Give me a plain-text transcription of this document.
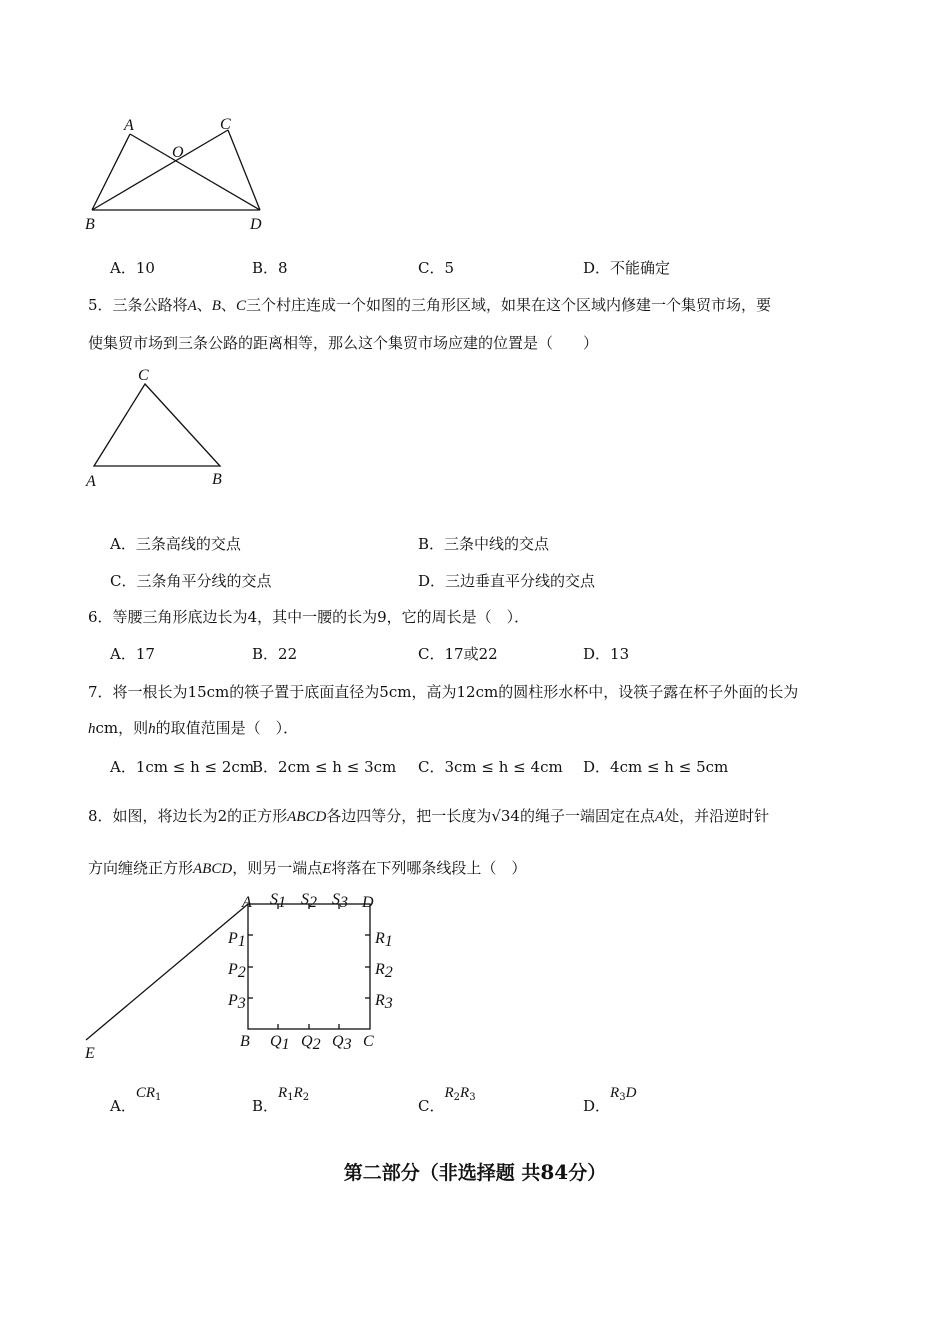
A	C
O
B	D
A．10	B．8	C．5	D．不能确定
5．三条公路将A、B、C三个村庄连成一个如图的三角形区域，如果在这个区域内修建一个集贸市场，要
使集贸市场到三条公路的距离相等，那么这个集贸市场应建的位置是（　　）
C
A	B
A．三条高线的交点	B．三条中线的交点
C．三条角平分线的交点	D．三边垂直平分线的交点
6．等腰三角形底边长为4，其中一腰的长为9，它的周长是（　）．
A．17	B．22	C．17或22	D．13
7．将一根长为15cm的筷子置于底面直径为5cm，高为12cm的圆柱形水杯中，设筷子露在杯子外面的长为
hcm，则h的取值范围是（　）．
A．1cm ≤ h ≤ 2cm
B．2cm ≤ h ≤ 3cm C．3cm ≤ h ≤ 4cm D．4cm ≤ h ≤ 5cm
8．如图，将边长为2的正方形ABCD各边四等分，把一长度为√34的绳子一端固定在点A处，并沿逆时针
方向缠绕正方形ABCD，则另一端点E将落在下列哪条线段上（　）
A	D
B	C
E
S1 S2 S3
Q1 Q2 Q3
P1
P2
P3
R1
R2
R3
A．$CR^1$	B．$R_1R_2$	C．$R_2R_3$	D．$R_3D$
第二部分（非选择题 共84分）
